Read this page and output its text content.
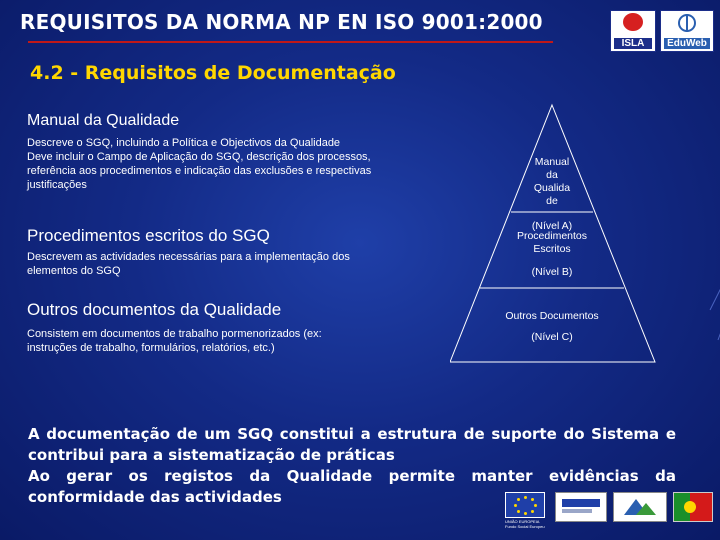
REQUISITOS DA NORMA NP EN ISO 9001:2000
ISLA	EduWeb
4.2 - Requisitos de Documentação
Manual da Qualidade
Descreve o SGQ, incluindo a Política e Objectivos da Qualidade
Deve incluir o Campo de Aplicação do SGQ, descrição dos processos,
referência aos procedimentos e indicação das exclusões e respectivas
justificações
Procedimentos escritos do SGQ
Descrevem as actividades necessárias para a implementação dos
elementos do SGQ
Outros documentos da Qualidade
Consistem em documentos de trabalho pormenorizados (ex:
instruções de trabalho, formulários, relatórios, etc.)
Manual
da
Qualida
de
(Nível A)
Procedimentos
Escritos
(Nível B)
Outros Documentos
(Nível C)
A documentação de um SGQ constitui a estrutura de suporte do Sistema e contribui para a sistematização de práticas
Ao gerar os registos da Qualidade permite manter evidências da conformidade das actividades
UNIÃO EUROPEIA Fundo Social Europeu
